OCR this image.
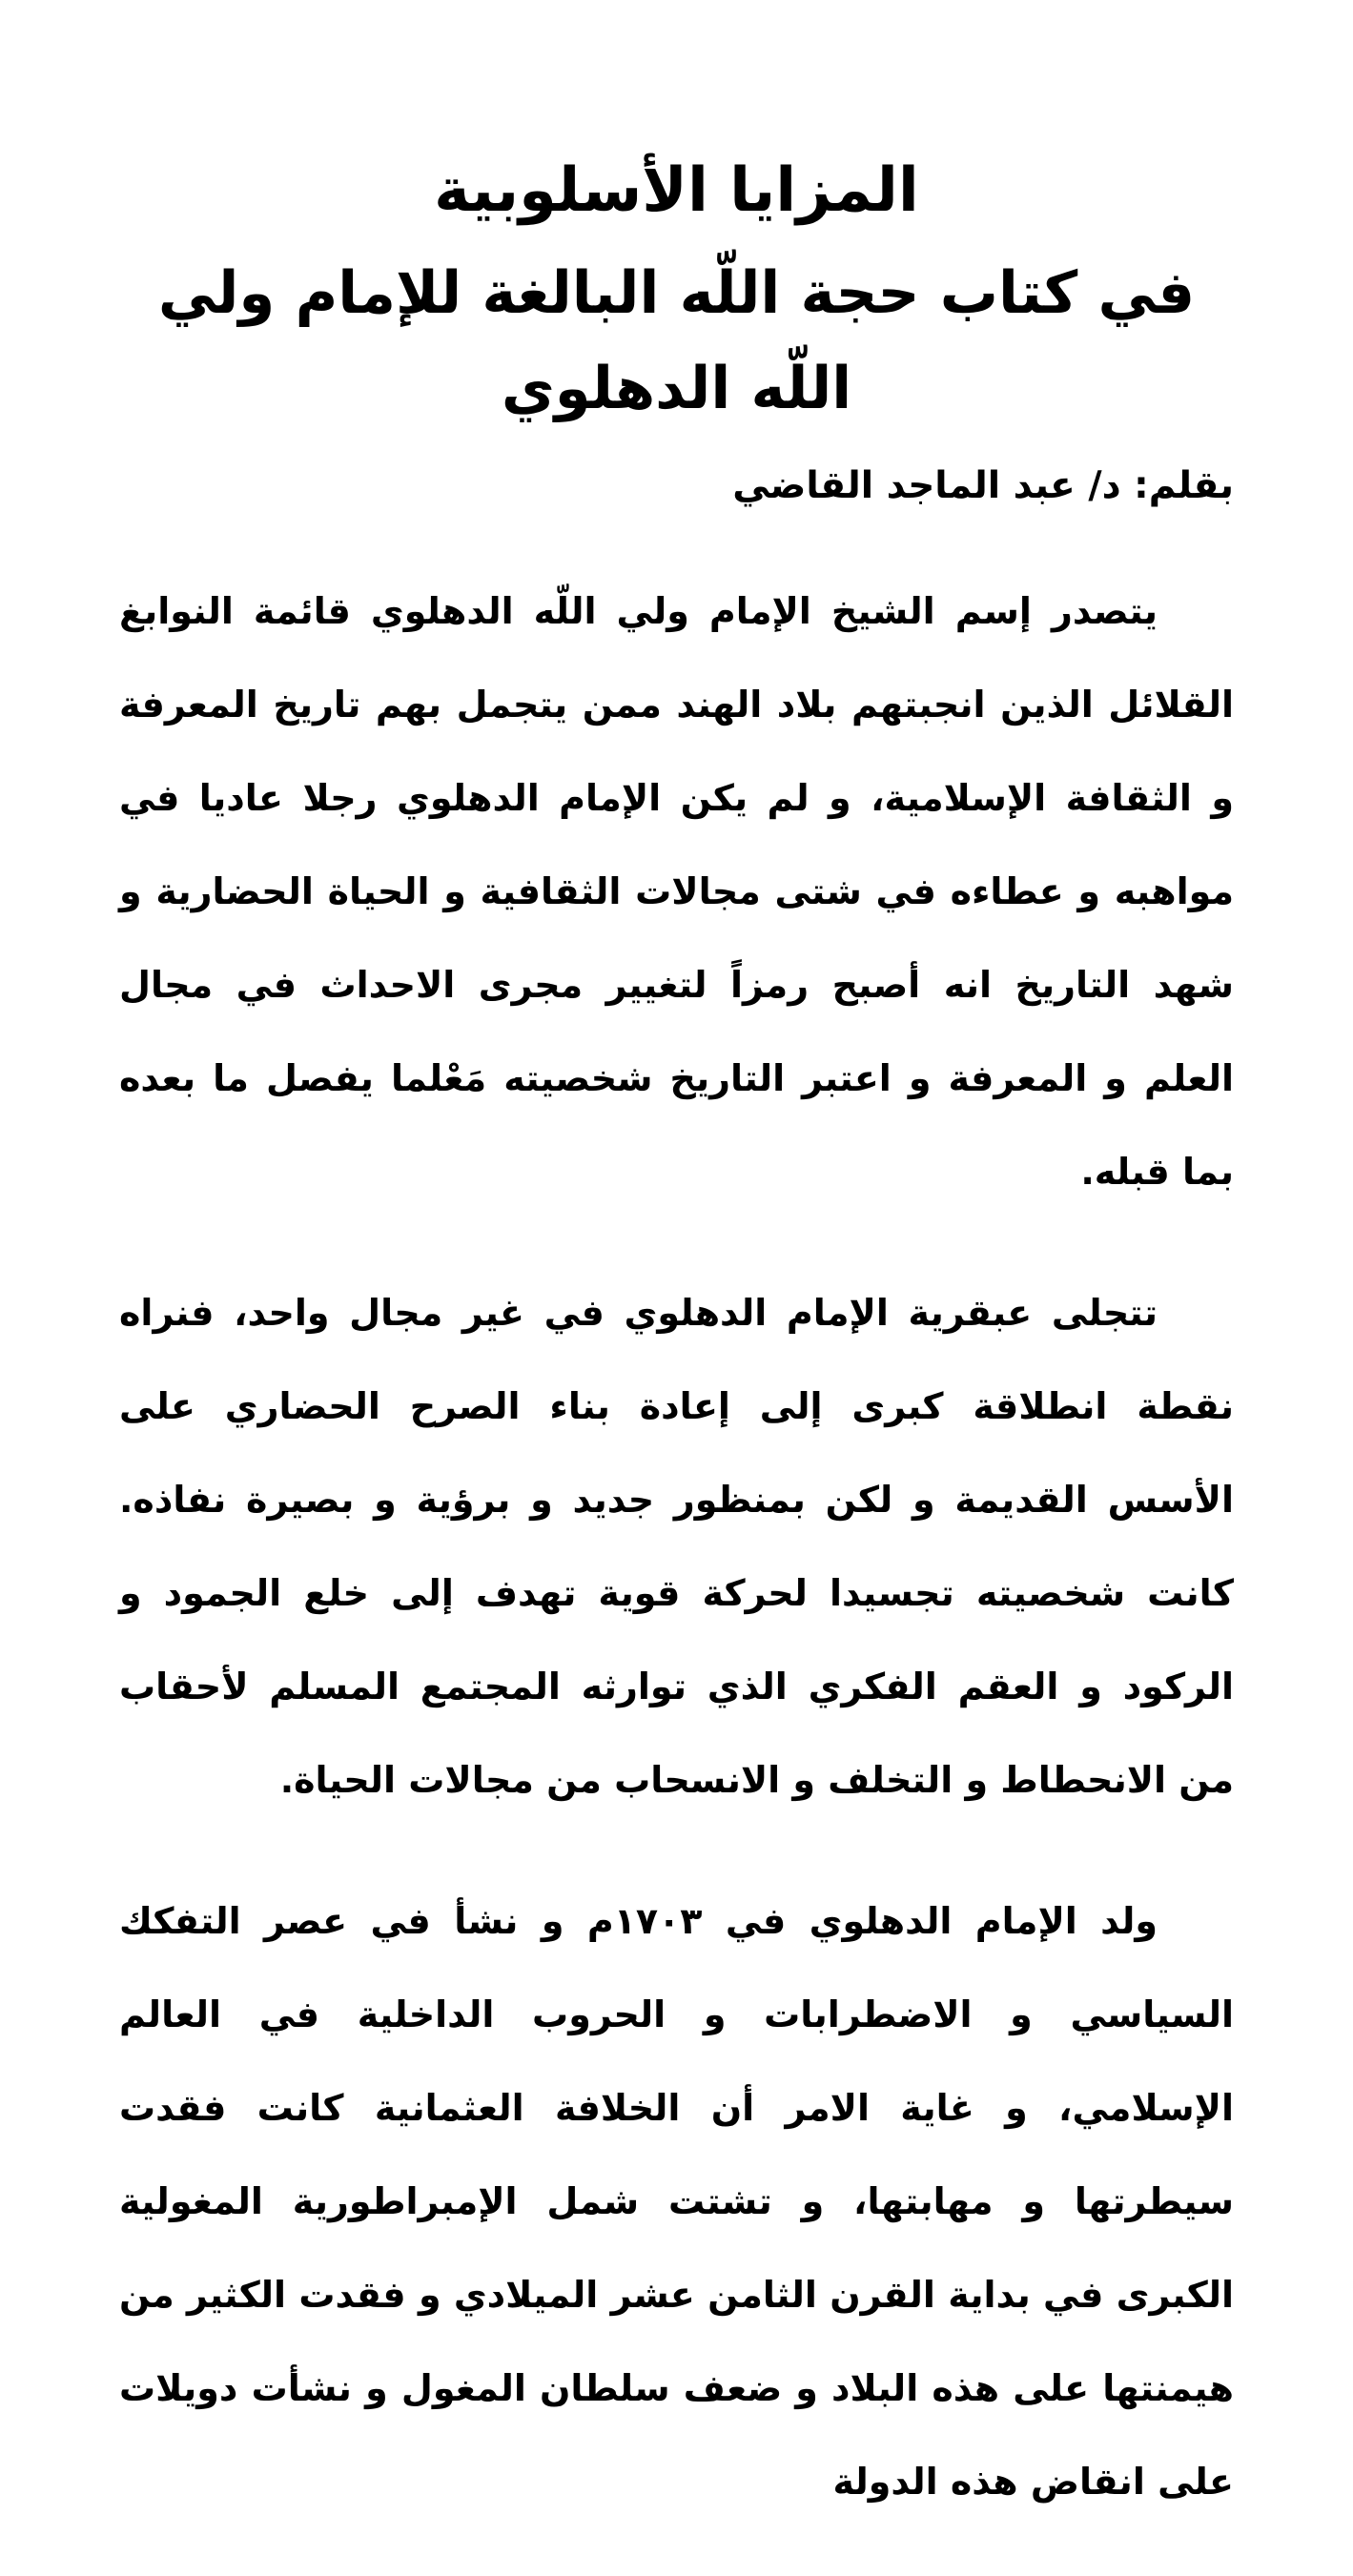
المزايا الأسلوبية
في كتاب حجة اللّه البالغة للإمام ولي اللّه الدهلوي

بقلم: د/ عبد الماجد القاضي

يتصدر إسم الشيخ الإمام ولي اللّه الدهلوي قائمة النوابغ القلائل الذين انجبتهم بلاد الهند ممن يتجمل بهم تاريخ المعرفة و الثقافة الإسلامية، و لم يكن الإمام الدهلوي رجلا عاديا في مواهبه و عطاءه في شتى مجالات الثقافية و الحياة الحضارية و شهد التاريخ انه أصبح رمزاً لتغيير مجرى الاحداث في مجال العلم و المعرفة و اعتبر التاريخ شخصيته مَعْلما يفصل ما بعده بما قبله.

تتجلى عبقرية الإمام الدهلوي في غير مجال واحد، فنراه نقطة انطلاقة كبرى إلى إعادة بناء الصرح الحضاري على الأسس القديمة و لكن بمنظور جديد و برؤية و بصيرة نفاذه. كانت شخصيته تجسيدا لحركة قوية تهدف إلى خلع الجمود و الركود و العقم الفكري الذي توارثه المجتمع المسلم لأحقاب من الانحطاط و التخلف و الانسحاب من مجالات الحياة.

ولد الإمام الدهلوي في ١٧٠٣م و نشأ في عصر التفكك السياسي و الاضطرابات و الحروب الداخلية في العالم الإسلامي، و غاية الامر أن الخلافة العثمانية كانت فقدت سيطرتها و مهابتها، و تشتت شمل الإمبراطورية المغولية الكبرى في بداية القرن الثامن عشر الميلادي و فقدت الكثير من هيمنتها على هذه البلاد و ضعف سلطان المغول و نشأت دويلات على انقاض هذه الدولة
